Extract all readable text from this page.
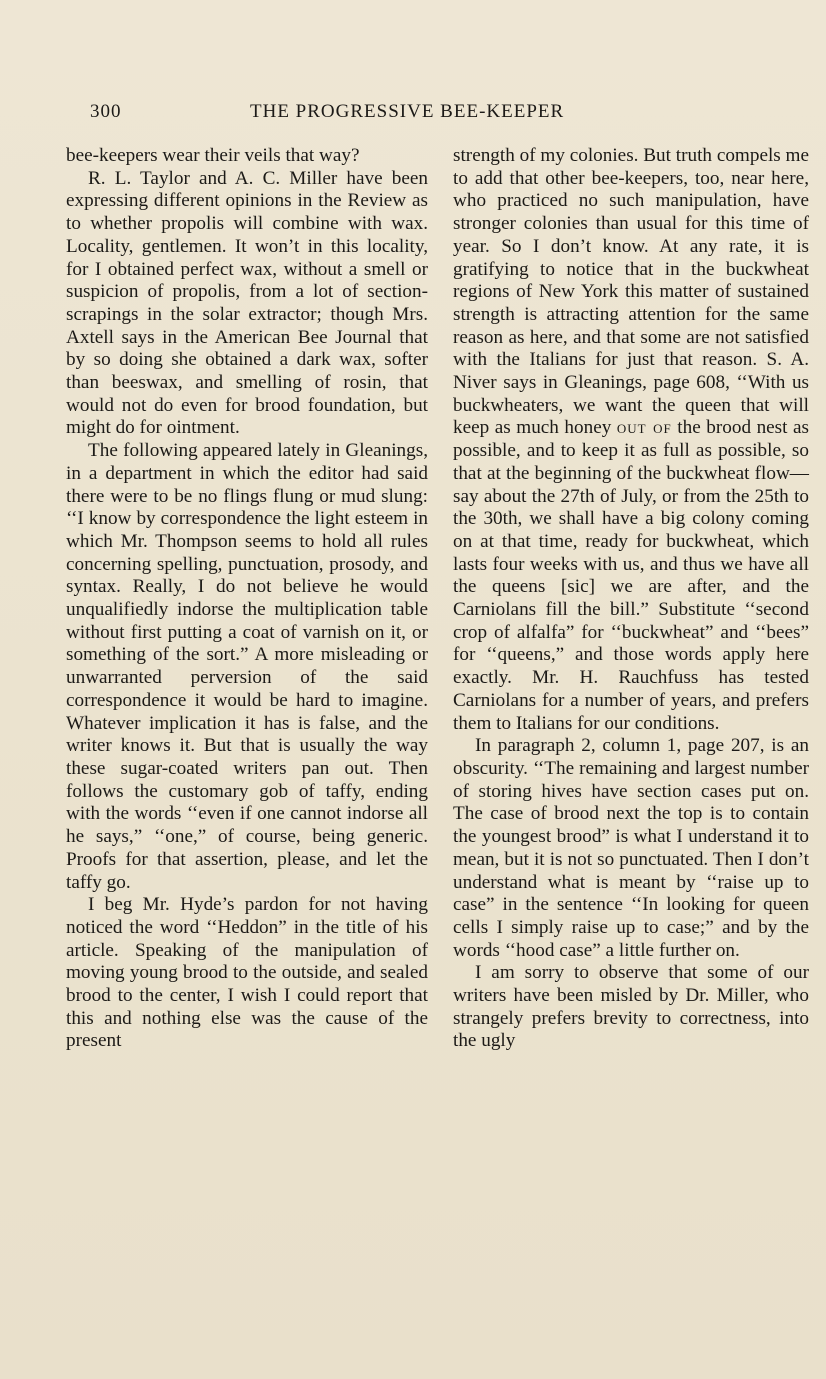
300	THE PROGRESSIVE BEE-KEEPER

bee-keepers wear their veils that way?

R. L. Taylor and A. C. Miller have been expressing different opinions in the Review as to whether propolis will combine with wax. Locality, gentlemen. It won’t in this locality, for I obtained perfect wax, without a smell or suspicion of propolis, from a lot of section-scrapings in the solar extractor; though Mrs. Axtell says in the American Bee Journal that by so doing she obtained a dark wax, softer than beeswax, and smelling of rosin, that would not do even for brood foundation, but might do for ointment.

The following appeared lately in Gleanings, in a department in which the editor had said there were to be no flings flung or mud slung: ‘‘I know by correspondence the light esteem in which Mr. Thompson seems to hold all rules concerning spelling, punctuation, prosody, and syntax. Really, I do not believe he would unqualifiedly indorse the multiplication table without first putting a coat of varnish on it, or something of the sort.” A more misleading or unwarranted perversion of the said correspondence it would be hard to imagine. Whatever implication it has is false, and the writer knows it. But that is usually the way these sugar-coated writers pan out. Then follows the customary gob of taffy, ending with the words ‘‘even if one cannot indorse all he says,” ‘‘one,” of course, being generic. Proofs for that assertion, please, and let the taffy go.

I beg Mr. Hyde’s pardon for not having noticed the word ‘‘Heddon” in the title of his article. Speaking of the manipulation of moving young brood to the outside, and sealed brood to the center, I wish I could report that this and nothing else was the cause of the present

strength of my colonies. But truth compels me to add that other bee-keepers, too, near here, who practiced no such manipulation, have stronger colonies than usual for this time of year. So I don’t know. At any rate, it is gratifying to notice that in the buckwheat regions of New York this matter of sustained strength is attracting attention for the same reason as here, and that some are not satisfied with the Italians for just that reason. S. A. Niver says in Gleanings, page 608, ‘‘With us buckwheaters, we want the queen that will keep as much honey out of the brood nest as possible, and to keep it as full as possible, so that at the beginning of the buckwheat flow—say about the 27th of July, or from the 25th to the 30th, we shall have a big colony coming on at that time, ready for buckwheat, which lasts four weeks with us, and thus we have all the queens [sic] we are after, and the Carniolans fill the bill.” Substitute ‘‘second crop of alfalfa” for ‘‘buckwheat” and ‘‘bees” for ‘‘queens,” and those words apply here exactly. Mr. H. Rauchfuss has tested Carniolans for a number of years, and prefers them to Italians for our conditions.

In paragraph 2, column 1, page 207, is an obscurity. ‘‘The remaining and largest number of storing hives have section cases put on. The case of brood next the top is to contain the youngest brood” is what I understand it to mean, but it is not so punctuated. Then I don’t understand what is meant by ‘‘raise up to case” in the sentence ‘‘In looking for queen cells I simply raise up to case;” and by the words ‘‘hood case” a little further on.

I am sorry to observe that some of our writers have been misled by Dr. Miller, who strangely prefers brevity to correctness, into the ugly
